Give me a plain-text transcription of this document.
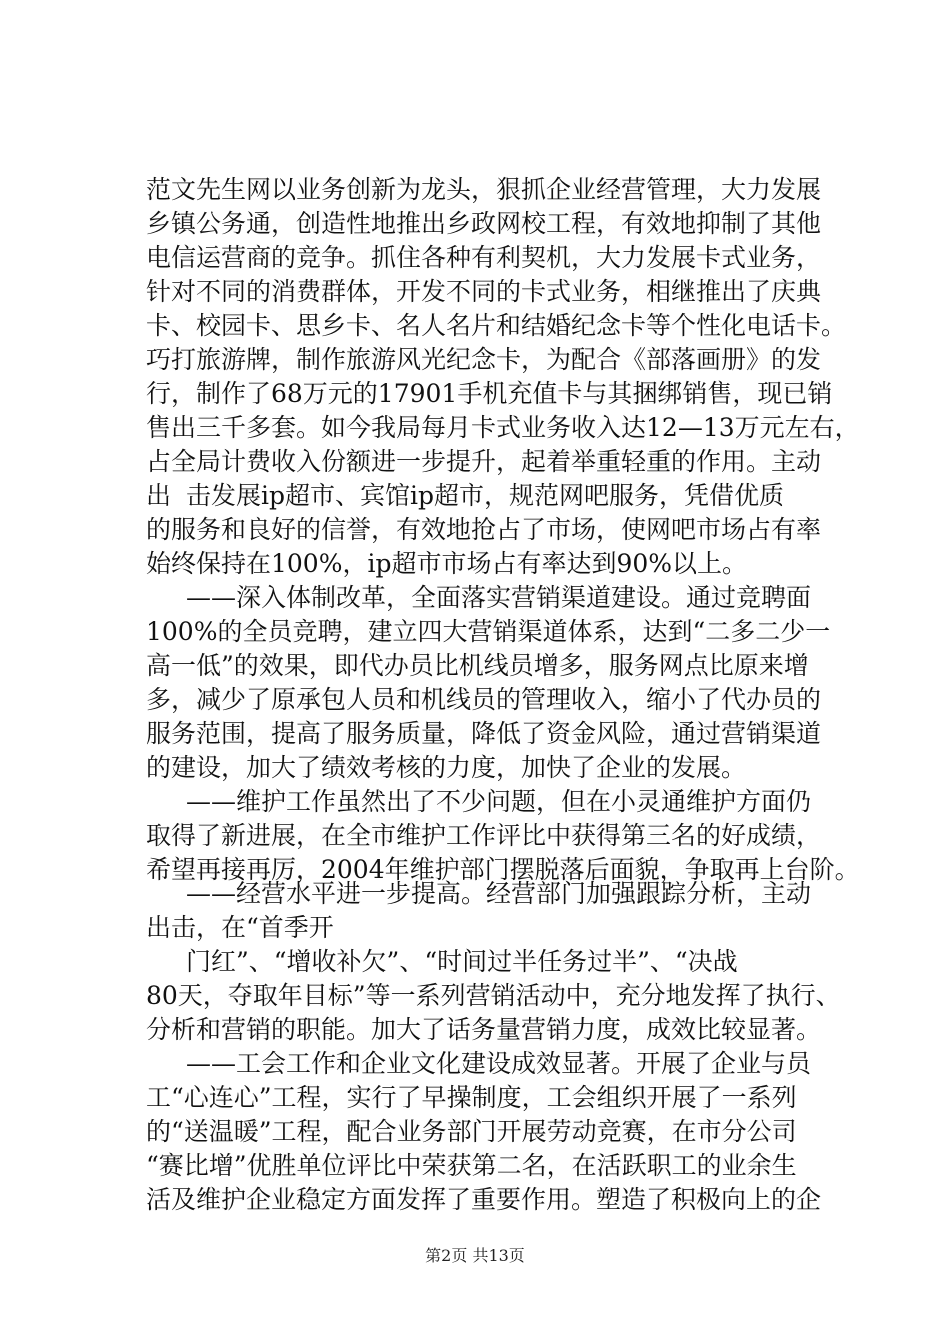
范文先生网以业务创新为龙头，狠抓企业经营管理，大力发展
乡镇公务通，创造性地推出乡政网校工程，有效地抑制了其他
电信运营商的竞争。抓住各种有利契机，大力发展卡式业务，
针对不同的消费群体，开发不同的卡式业务，相继推出了庆典
卡、校园卡、思乡卡、名人名片和结婚纪念卡等个性化电话卡。
巧打旅游牌，制作旅游风光纪念卡，为配合《部落画册》的发
行，制作了68万元的17901手机充值卡与其捆绑销售，现已销
售出三千多套。如今我局每月卡式业务收入达12—13万元左右，
占全局计费收入份额进一步提升，起着举重轻重的作用。主动
出 击发展ip超市、宾馆ip超市，规范网吧服务，凭借优质
的服务和良好的信誉，有效地抢占了市场，使网吧市场占有率
始终保持在100%，ip超市市场占有率达到90%以上。
——深入体制改革，全面落实营销渠道建设。通过竞聘面
100%的全员竞聘，建立四大营销渠道体系，达到“二多二少一
高一低”的效果，即代办员比机线员增多，服务网点比原来增
多，减少了原承包人员和机线员的管理收入，缩小了代办员的
服务范围，提高了服务质量，降低了资金风险，通过营销渠道
的建设，加大了绩效考核的力度，加快了企业的发展。
——维护工作虽然出了不少问题，但在小灵通维护方面仍
取得了新进展，在全市维护工作评比中获得第三名的好成绩，
希望再接再厉，2004年维护部门摆脱落后面貌，争取再上台阶。
——经营水平进一步提高。经营部门加强跟踪分析，主动
出击，在“首季开
门红”、“增收补欠”、“时间过半任务过半”、“决战
80天，夺取年目标”等一系列营销活动中，充分地发挥了执行、
分析和营销的职能。加大了话务量营销力度，成效比较显著。
——工会工作和企业文化建设成效显著。开展了企业与员
工“心连心”工程，实行了早操制度，工会组织开展了一系列
的“送温暖”工程，配合业务部门开展劳动竞赛，在市分公司
“赛比增”优胜单位评比中荣获第二名，在活跃职工的业余生
活及维护企业稳定方面发挥了重要作用。塑造了积极向上的企
第2页 共13页
